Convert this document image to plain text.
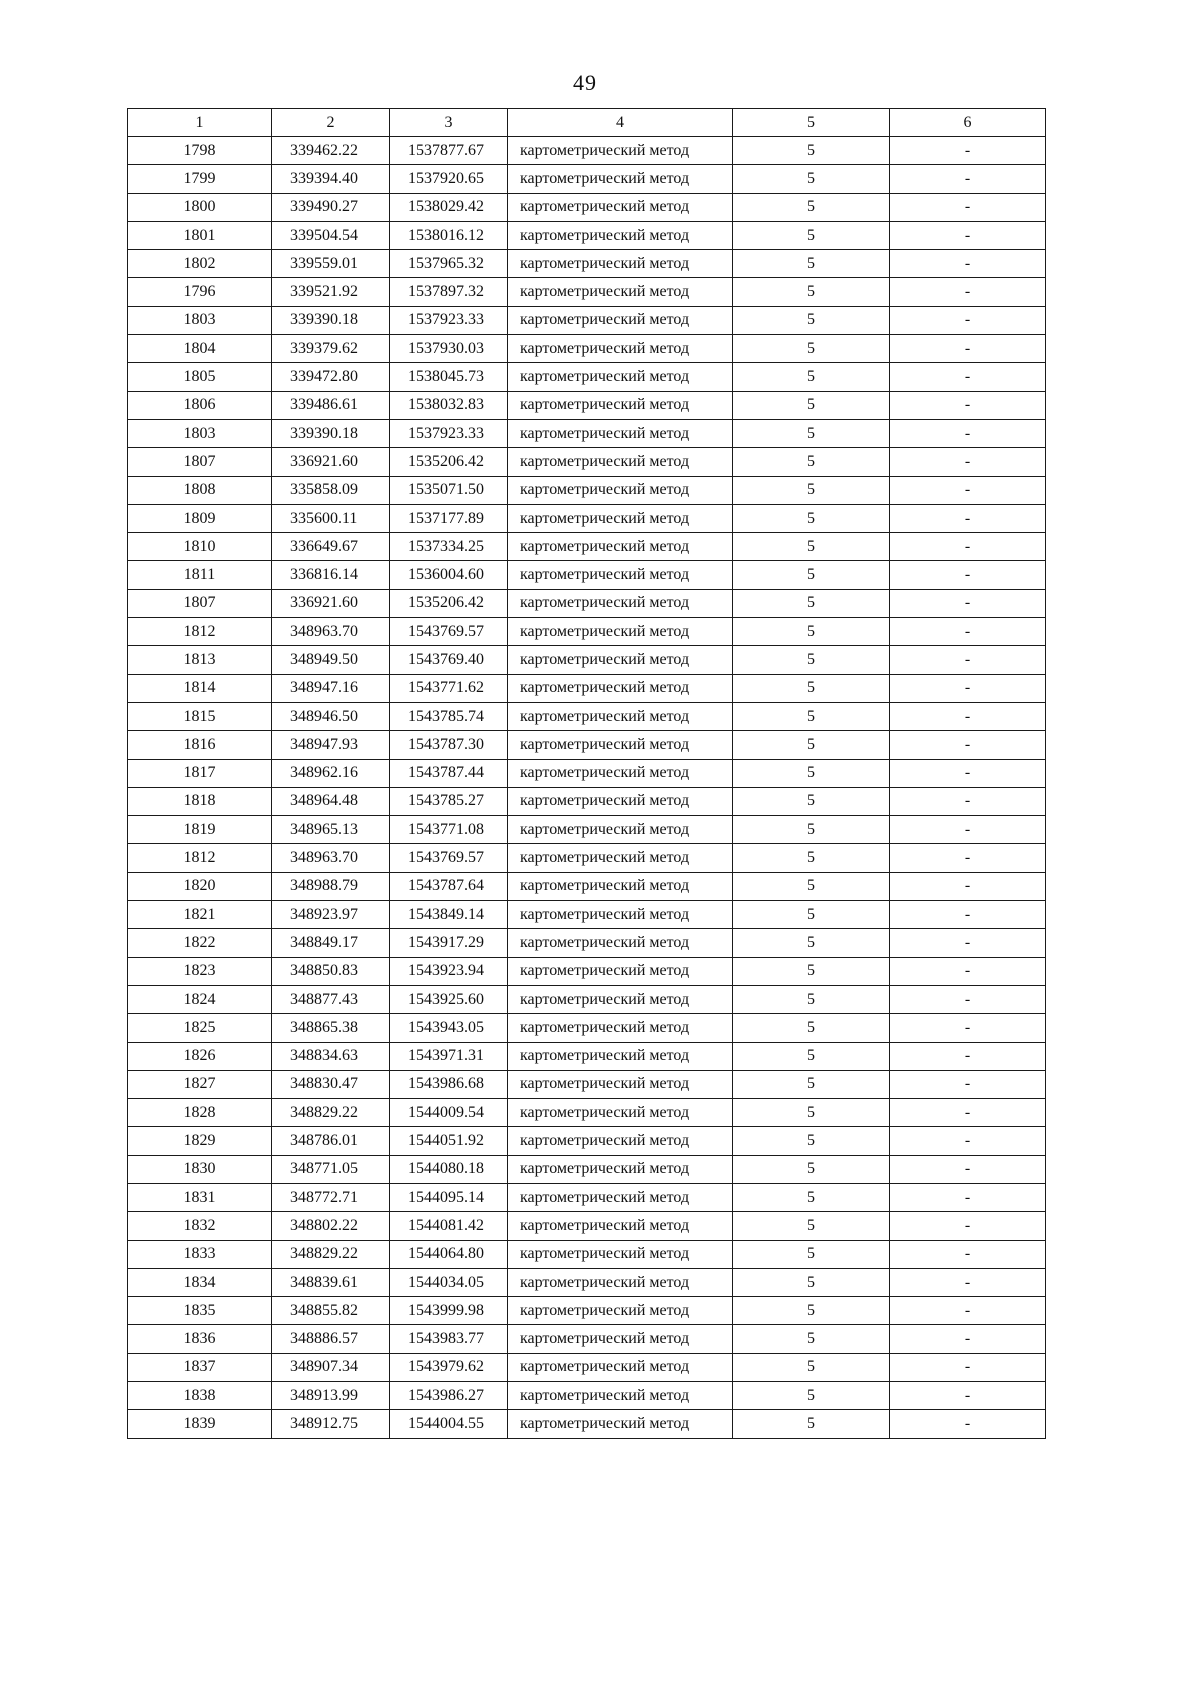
49
1	2	3	4	5	6
1798	339462.22	1537877.67	картометрический метод	5	-
1799	339394.40	1537920.65	картометрический метод	5	-
1800	339490.27	1538029.42	картометрический метод	5	-
1801	339504.54	1538016.12	картометрический метод	5	-
1802	339559.01	1537965.32	картометрический метод	5	-
1796	339521.92	1537897.32	картометрический метод	5	-
1803	339390.18	1537923.33	картометрический метод	5	-
1804	339379.62	1537930.03	картометрический метод	5	-
1805	339472.80	1538045.73	картометрический метод	5	-
1806	339486.61	1538032.83	картометрический метод	5	-
1803	339390.18	1537923.33	картометрический метод	5	-
1807	336921.60	1535206.42	картометрический метод	5	-
1808	335858.09	1535071.50	картометрический метод	5	-
1809	335600.11	1537177.89	картометрический метод	5	-
1810	336649.67	1537334.25	картометрический метод	5	-
1811	336816.14	1536004.60	картометрический метод	5	-
1807	336921.60	1535206.42	картометрический метод	5	-
1812	348963.70	1543769.57	картометрический метод	5	-
1813	348949.50	1543769.40	картометрический метод	5	-
1814	348947.16	1543771.62	картометрический метод	5	-
1815	348946.50	1543785.74	картометрический метод	5	-
1816	348947.93	1543787.30	картометрический метод	5	-
1817	348962.16	1543787.44	картометрический метод	5	-
1818	348964.48	1543785.27	картометрический метод	5	-
1819	348965.13	1543771.08	картометрический метод	5	-
1812	348963.70	1543769.57	картометрический метод	5	-
1820	348988.79	1543787.64	картометрический метод	5	-
1821	348923.97	1543849.14	картометрический метод	5	-
1822	348849.17	1543917.29	картометрический метод	5	-
1823	348850.83	1543923.94	картометрический метод	5	-
1824	348877.43	1543925.60	картометрический метод	5	-
1825	348865.38	1543943.05	картометрический метод	5	-
1826	348834.63	1543971.31	картометрический метод	5	-
1827	348830.47	1543986.68	картометрический метод	5	-
1828	348829.22	1544009.54	картометрический метод	5	-
1829	348786.01	1544051.92	картометрический метод	5	-
1830	348771.05	1544080.18	картометрический метод	5	-
1831	348772.71	1544095.14	картометрический метод	5	-
1832	348802.22	1544081.42	картометрический метод	5	-
1833	348829.22	1544064.80	картометрический метод	5	-
1834	348839.61	1544034.05	картометрический метод	5	-
1835	348855.82	1543999.98	картометрический метод	5	-
1836	348886.57	1543983.77	картометрический метод	5	-
1837	348907.34	1543979.62	картометрический метод	5	-
1838	348913.99	1543986.27	картометрический метод	5	-
1839	348912.75	1544004.55	картометрический метод	5	-
